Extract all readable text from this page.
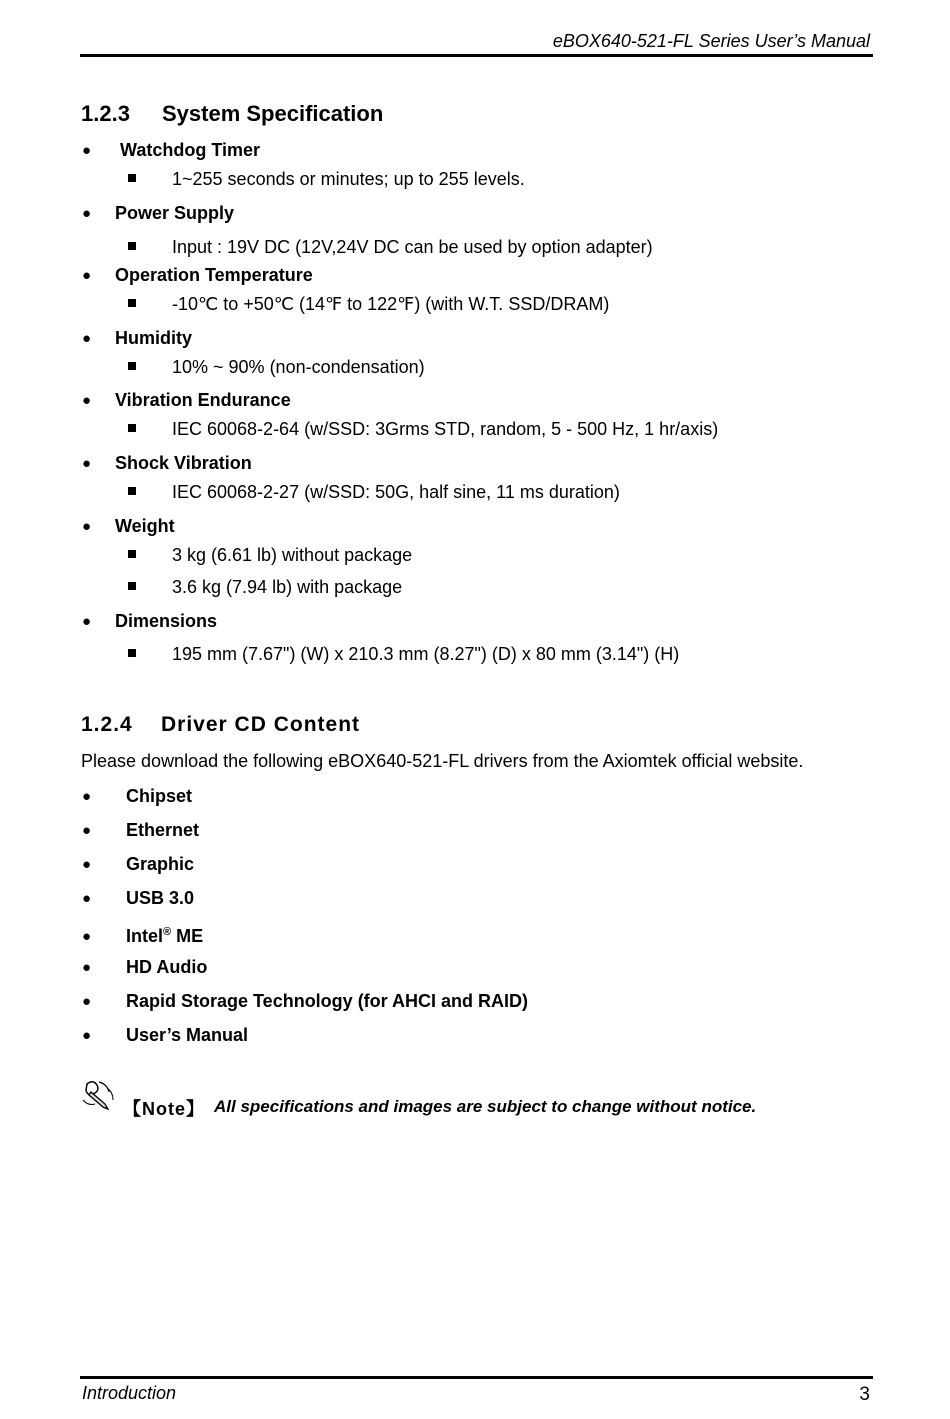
eBOX640-521-FL Series User’s Manual
1.2.3 System Specification
● Watchdog Timer
1~255 seconds or minutes; up to 255 levels.
● Power Supply
Input : 19V DC (12V,24V DC can be used by option adapter)
● Operation Temperature
-10℃ to +50℃ (14℉ to 122℉) (with W.T. SSD/DRAM)
● Humidity
10% ~ 90% (non-condensation)
● Vibration Endurance
IEC 60068-2-64 (w/SSD: 3Grms STD, random, 5 - 500 Hz, 1 hr/axis)
● Shock Vibration
IEC 60068-2-27 (w/SSD: 50G, half sine, 11 ms duration)
● Weight
3 kg (6.61 lb) without package
3.6 kg (7.94 lb) with package
● Dimensions
195 mm (7.67") (W) x 210.3 mm (8.27") (D) x 80 mm (3.14") (H)
1.2.4 Driver CD Content
Please download the following eBOX640-521-FL drivers from the Axiomtek official website.
● Chipset
● Ethernet
● Graphic
● USB 3.0
● Intel® ME
● HD Audio
● Rapid Storage Technology (for AHCI and RAID)
● User’s Manual
【Note】 All specifications and images are subject to change without notice.
Introduction	3
